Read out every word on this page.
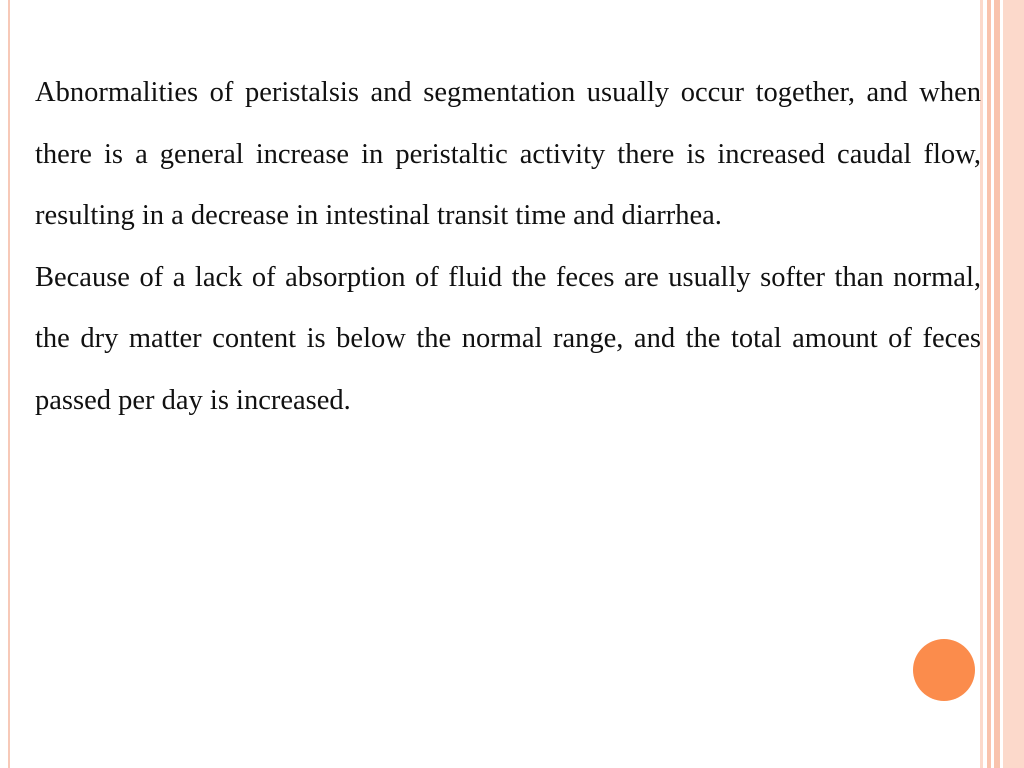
Abnormalities of peristalsis and segmentation usually occur together, and when there is a general increase in peristaltic activity there is increased caudal flow, resulting in a decrease in intestinal transit time and diarrhea.

Because of a lack of absorption of fluid the feces are usually softer than normal, the dry matter content is below the normal range, and the total amount of feces passed per day is increased.
